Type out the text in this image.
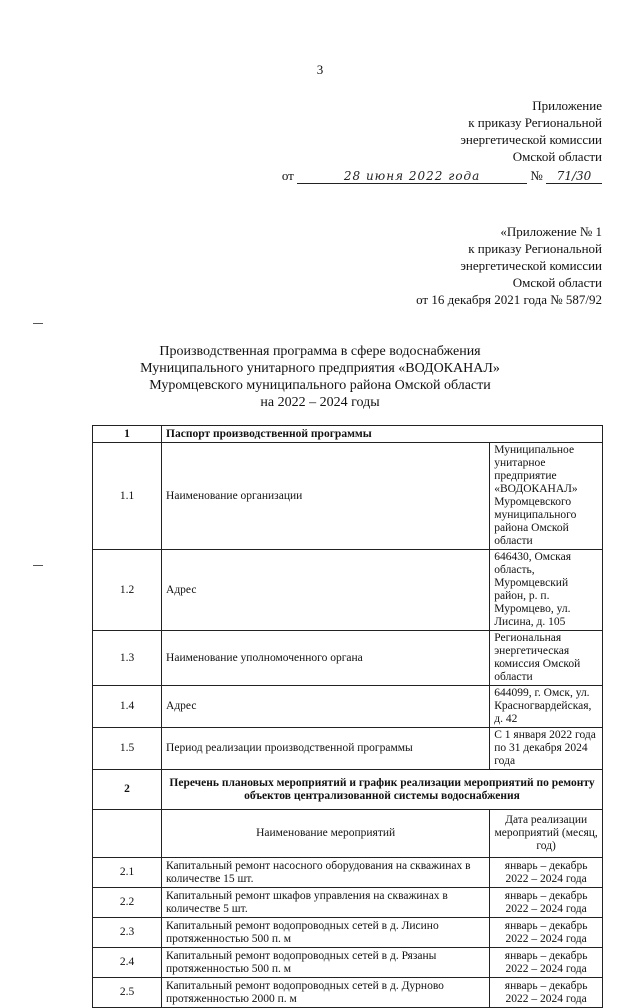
3
Приложение
к приказу Региональной
энергетической комиссии
Омской области
от	28 июня 2022 года	№ 71/30
«Приложение № 1
к приказу Региональной
энергетической комиссии
Омской области
от 16 декабря 2021 года № 587/92
Производственная программа в сфере водоснабжения
Муниципального унитарного предприятия «ВОДОКАНАЛ»
Муромцевского муниципального района Омской области
на 2022 – 2024 годы
1	Паспорт производственной программы	
1.1	Наименование организации	Муниципальное унитарное предприятие «ВОДОКАНАЛ» Муромцевского муниципального района Омской области
1.2	Адрес	646430, Омская область, Муромцевский район, р. п. Муромцево, ул. Лисина, д. 105
1.3	Наименование уполномоченного органа	Региональная энергетическая комиссия Омской области
1.4	Адрес	644099, г. Омск, ул. Красногвардейская, д. 42
1.5	Период реализации производственной программы	С 1 января 2022 года по 31 декабря 2024 года
2	Перечень плановых мероприятий и график реализации мероприятий по ремонту объектов централизованной системы водоснабжения	
	Наименование мероприятий	Дата реализации мероприятий (месяц, год)
2.1	Капитальный ремонт насосного оборудования на скважинах в количестве 15 шт.	январь – декабрь 2022 – 2024 года
2.2	Капитальный ремонт шкафов управления на скважинах в количестве 5 шт.	январь – декабрь 2022 – 2024 года
2.3	Капитальный ремонт водопроводных сетей в д. Лисино протяженностью 500 п. м	январь – декабрь 2022 – 2024 года
2.4	Капитальный ремонт водопроводных сетей в д. Рязаны протяженностью 500 п. м	январь – декабрь 2022 – 2024 года
2.5	Капитальный ремонт водопроводных сетей в д. Дурново протяженностью 2000 п. м	январь – декабрь 2022 – 2024 года
